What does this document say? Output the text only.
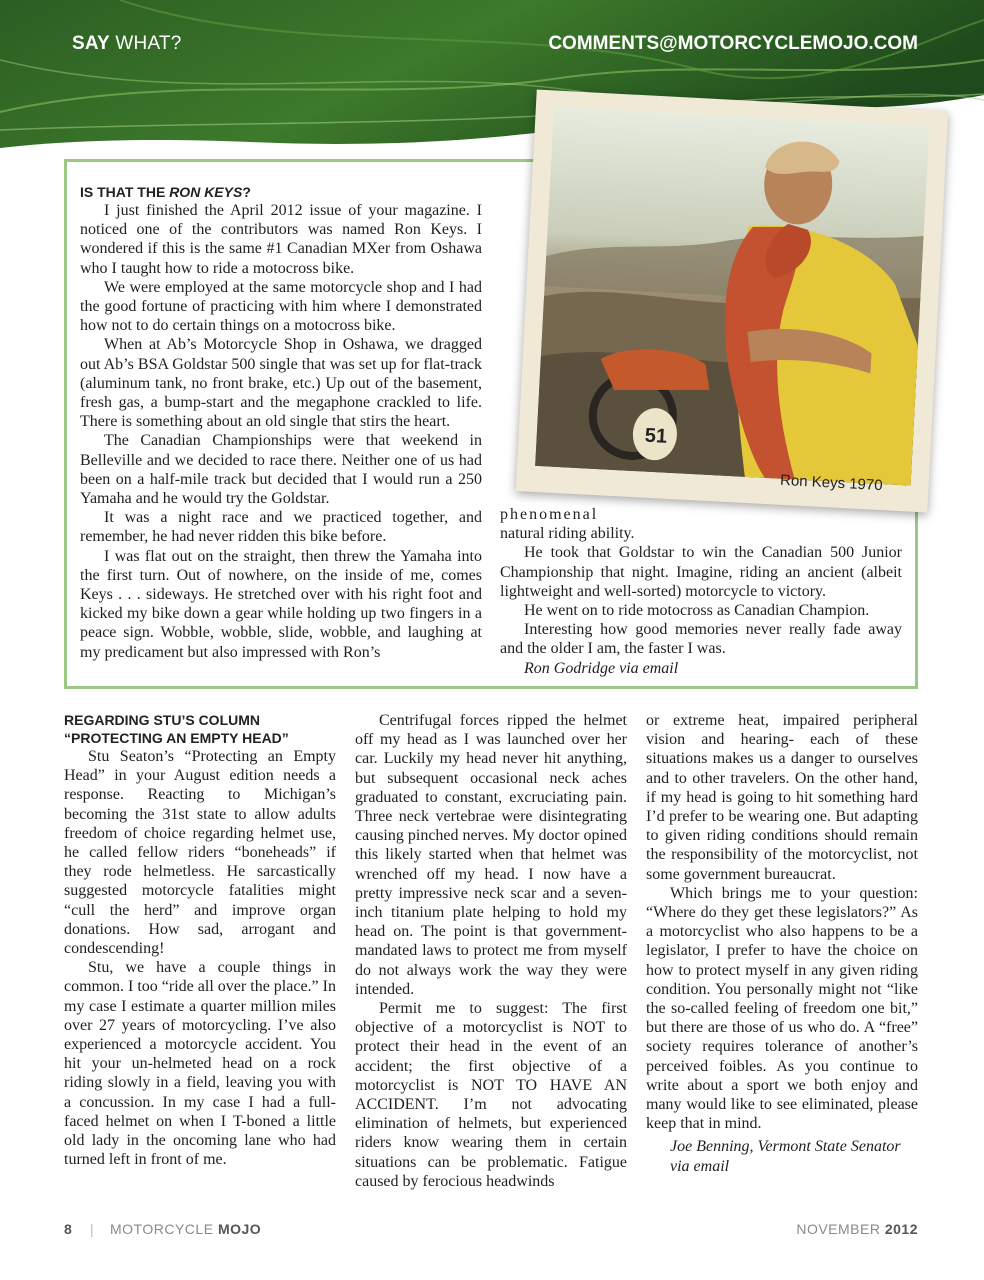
SAY WHAT?	COMMENTS@MOTORCYCLEMOJO.COM
IS THAT THE RON KEYS?

I just finished the April 2012 issue of your magazine. I noticed one of the contributors was named Ron Keys. I wondered if this is the same #1 Canadian MXer from Oshawa who I taught how to ride a motocross bike.

We were employed at the same motorcycle shop and I had the good fortune of practicing with him where I demonstrated how not to do certain things on a motocross bike.

When at Ab’s Motorcycle Shop in Oshawa, we dragged out Ab’s BSA Goldstar 500 single that was set up for flat-track (aluminum tank, no front brake, etc.) Up out of the basement, fresh gas, a bump-start and the megaphone crackled to life. There is something about an old single that stirs the heart.

The Canadian Championships were that weekend in Belleville and we decided to race there. Neither one of us had been on a half-mile track but decided that I would run a 250 Yamaha and he would try the Goldstar.

It was a night race and we practiced together, and remember, he had never ridden this bike before.

I was flat out on the straight, then threw the Yamaha into the first turn. Out of nowhere, on the inside of me, comes Keys . . . sideways. He stretched over with his right foot and kicked my bike down a gear while holding up two fingers in a peace sign. Wobble, wobble, slide, wobble, and laughing at my predicament but also impressed with Ron’s

phenomenal

natural riding ability.

He took that Goldstar to win the Canadian 500 Junior Championship that night. Imagine, riding an ancient (albeit lightweight and well-sorted) motorcycle to victory.

He went on to ride motocross as Canadian Champion.

Interesting how good memories never really fade away and the older I am, the faster I was.

Ron Godridge via email

51
Ron Keys 1970
REGARDING STU’S COLUMN
“PROTECTING AN EMPTY HEAD”

Stu Seaton’s “Protecting an Empty Head” in your August edition needs a response. Reacting to Michigan’s becoming the 31st state to allow adults freedom of choice regarding helmet use, he called fellow riders “boneheads” if they rode helmetless. He sarcastically suggested motorcycle fatalities might “cull the herd” and improve organ donations. How sad, arrogant and condescending!

Stu, we have a couple things in common. I too “ride all over the place.” In my case I estimate a quarter million miles over 27 years of motorcycling. I’ve also experienced a motorcycle accident. You hit your un-helmeted head on a rock riding slowly in a field, leaving you with a concussion. In my case I had a full-faced helmet on when I T-boned a little old lady in the oncoming lane who had turned left in front of me.

Centrifugal forces ripped the helmet off my head as I was launched over her car. Luckily my head never hit anything, but subsequent occasional neck aches graduated to constant, excruciating pain. Three neck vertebrae were disintegrating causing pinched nerves. My doctor opined this likely started when that helmet was wrenched off my head. I now have a pretty impressive neck scar and a seven-inch titanium plate helping to hold my head on. The point is that government-mandated laws to protect me from myself do not always work the way they were intended.

Permit me to suggest: The first objective of a motorcyclist is NOT to protect their head in the event of an accident; the first objective of a motorcyclist is NOT TO HAVE AN ACCIDENT. I’m not advocating elimination of helmets, but experienced riders know wearing them in certain situations can be problematic. Fatigue caused by ferocious headwinds

or extreme heat, impaired peripheral vision and hearing- each of these situations makes us a danger to ourselves and to other travelers. On the other hand, if my head is going to hit something hard I’d prefer to be wearing one. But adapting to given riding conditions should remain the responsibility of the motorcyclist, not some government bureaucrat.

Which brings me to your question: “Where do they get these legislators?” As a motorcyclist who also happens to be a legislator, I prefer to have the choice on how to protect myself in any given riding condition. You personally might not “like the so-called feeling of freedom one bit,” but there are those of us who do. A “free” society requires tolerance of another’s perceived foibles. As you continue to write about a sport we both enjoy and many would like to see eliminated, please keep that in mind.

Joe Benning, Vermont State Senator
via email
8 | MOTORCYCLE MOJO	NOVEMBER 2012
